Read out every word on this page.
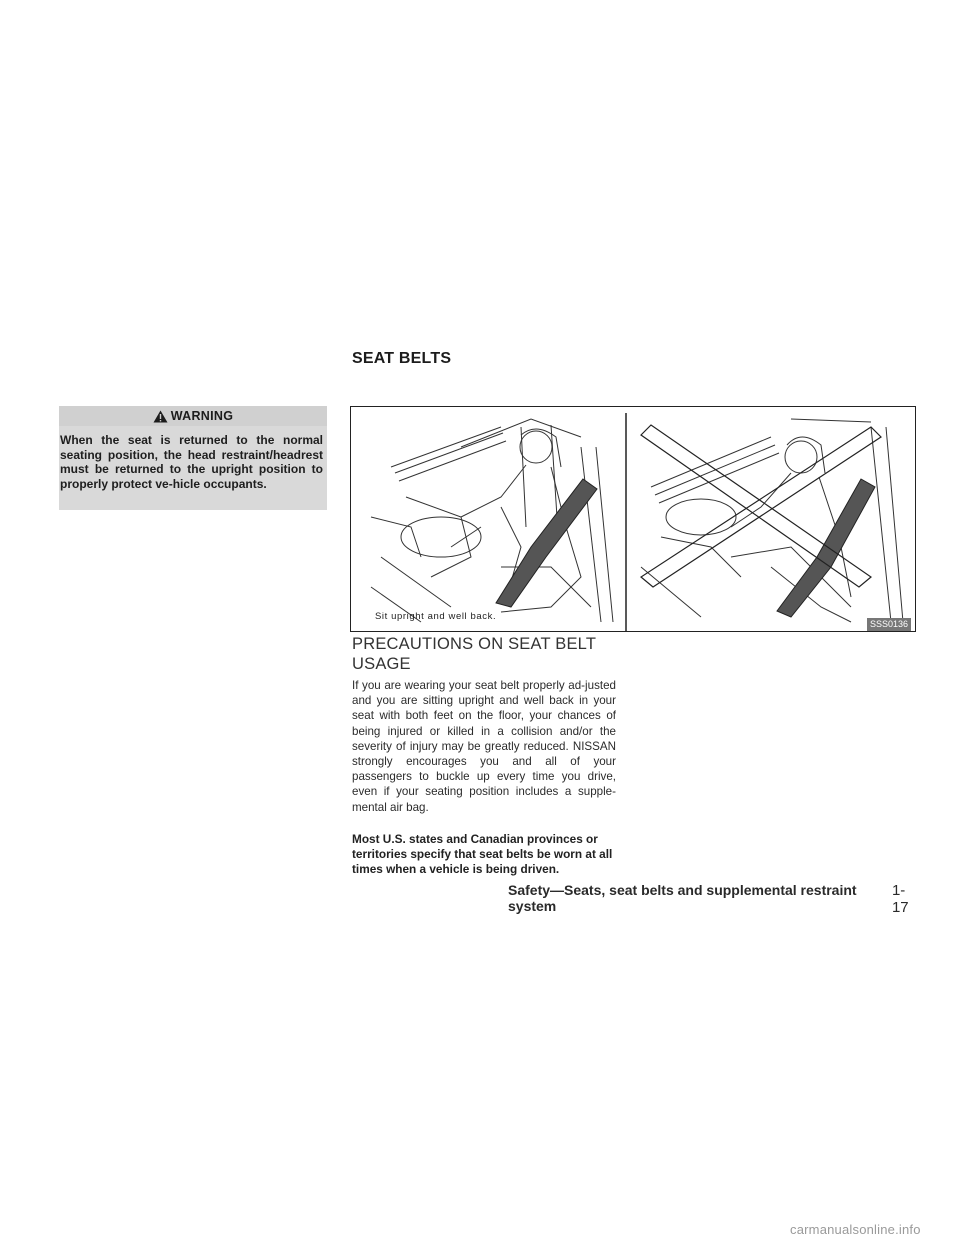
SEAT BELTS
WARNING
When the seat is returned to the normal seating position, the head restraint/headrest must be returned to the upright position to properly protect ve-hicle occupants.
Sit upright and well back.
SSS0136
PRECAUTIONS ON SEAT BELT USAGE
If you are wearing your seat belt properly ad-justed and you are sitting upright and well back in your seat with both feet on the floor, your chances of being injured or killed in a collision and/or the severity of injury may be greatly reduced. NISSAN strongly encourages you and all of your passengers to buckle up every time you drive, even if your seating position includes a supple-mental air bag.
Most U.S. states and Canadian provinces or territories specify that seat belts be worn at all times when a vehicle is being driven.
Safety—Seats, seat belts and supplemental restraint system
1-17
carmanualsonline.info
